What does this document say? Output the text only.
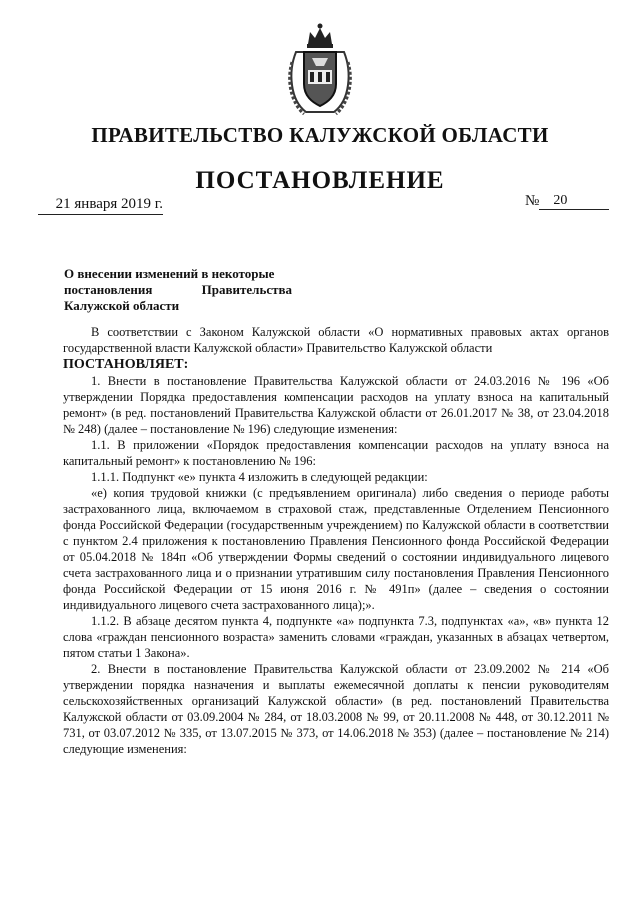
ПРАВИТЕЛЬСТВО КАЛУЖСКОЙ ОБЛАСТИ
ПОСТАНОВЛЕНИЕ
21 января 2019 г.	№ 20
О внесении изменений в некоторые
постановления	Правительства
Калужской области

В соответствии с Законом Калужской области «О нормативных правовых актах органов государственной власти Калужской области» Правительство Калужской области

ПОСТАНОВЛЯЕТ:

1. Внести в постановление Правительства Калужской области от 24.03.2016 № 196 «Об утверждении Порядка предоставления компенсации расходов на уплату взноса на капитальный ремонт» (в ред. постановлений Правительства Калужской области от 26.01.2017 № 38, от 23.04.2018 № 248) (далее – постановление № 196) следующие изменения:

1.1. В приложении «Порядок предоставления компенсации расходов на уплату взноса на капитальный ремонт» к постановлению № 196:

1.1.1. Подпункт «е» пункта 4 изложить в следующей редакции:

«е) копия трудовой книжки (с предъявлением оригинала) либо сведения о периоде работы застрахованного лица, включаемом в страховой стаж, представленные Отделением Пенсионного фонда Российской Федерации (государственным учреждением) по Калужской области в соответствии с пунктом 2.4 приложения к постановлению Правления Пенсионного фонда Российской Федерации от 05.04.2018 № 184п «Об утверждении Формы сведений о состоянии индивидуального лицевого счета застрахованного лица и о признании утратившим силу постановления Правления Пенсионного фонда Российской Федерации от 15 июня 2016 г. № 491п» (далее – сведения о состоянии индивидуального лицевого счета застрахованного лица);».

1.1.2. В абзаце десятом пункта 4, подпункте «а» подпункта 7.3, подпунктах «а», «в» пункта 12 слова «граждан пенсионного возраста» заменить словами «граждан, указанных в абзацах четвертом, пятом статьи 1 Закона».

2. Внести в постановление Правительства Калужской области от 23.09.2002 № 214 «Об утверждении порядка назначения и выплаты ежемесячной доплаты к пенсии руководителям сельскохозяйственных организаций Калужской области» (в ред. постановлений Правительства Калужской области от 03.09.2004 № 284, от 18.03.2008 № 99, от 20.11.2008 № 448, от 30.12.2011 № 731, от 03.07.2012 № 335, от 13.07.2015 № 373, от 14.06.2018 № 353) (далее – постановление № 214) следующие изменения:
